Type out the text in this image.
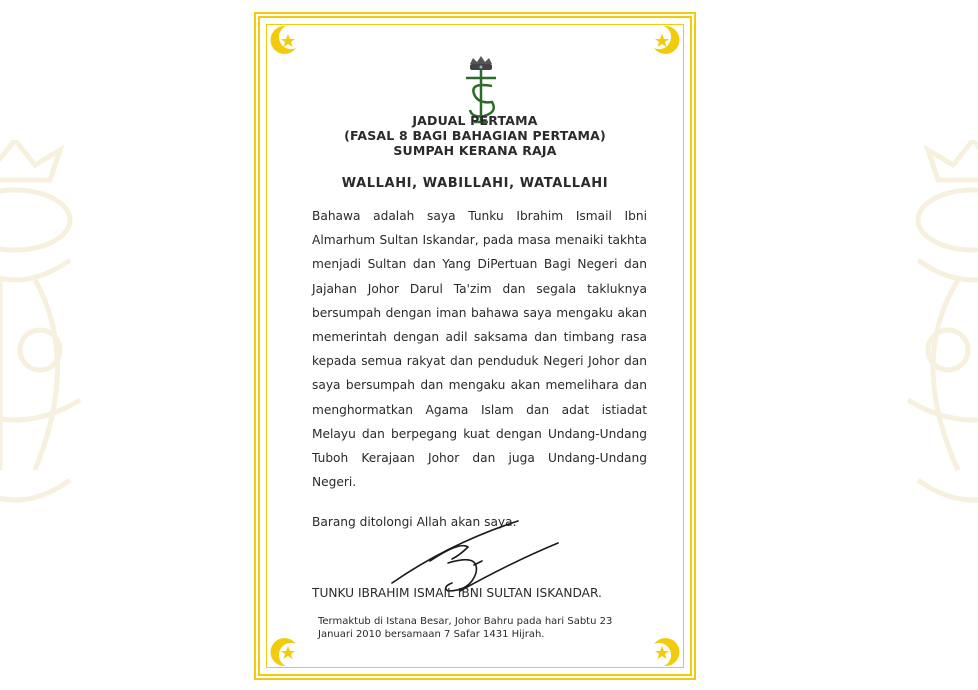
JADUAL PERTAMA
(FASAL 8 BAGI BAHAGIAN PERTAMA)
SUMPAH KERANA RAJA
WALLAHI, WABILLAHI, WATALLAHI
Bahawa adalah saya Tunku Ibrahim Ismail Ibni Almarhum Sultan Iskandar, pada masa menaiki takhta menjadi Sultan dan Yang DiPertuan Bagi Negeri dan Jajahan Johor Darul Ta'zim dan segala takluknya bersumpah dengan iman bahawa saya mengaku akan memerintah dengan adil saksama dan timbang rasa kepada semua rakyat dan penduduk Negeri Johor dan saya bersumpah dan mengaku akan memelihara dan menghormatkan Agama Islam dan adat istiadat Melayu dan berpegang kuat dengan Undang-Undang Tuboh Kerajaan Johor dan juga Undang-Undang Negeri.
Barang ditolongi Allah akan saya.
TUNKU IBRAHIM ISMAIL IBNI SULTAN ISKANDAR.
Termaktub di Istana Besar, Johor Bahru pada hari Sabtu 23 Januari 2010 bersamaan 7 Safar 1431 Hijrah.
